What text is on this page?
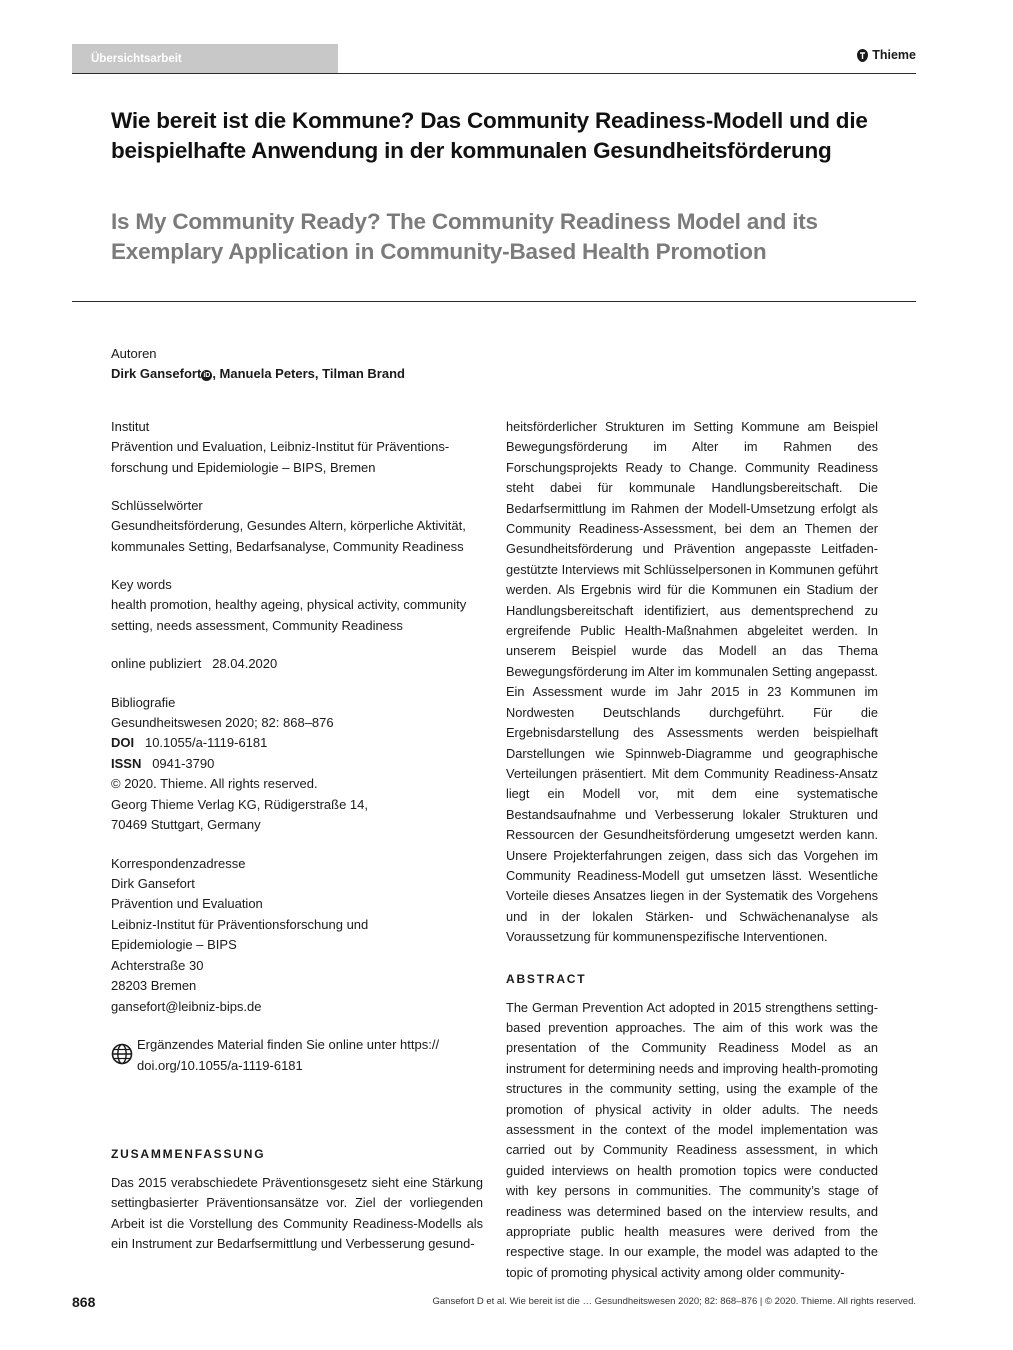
Übersichtsarbeit	Thieme
Wie bereit ist die Kommune? Das Community Readiness-Modell und die beispielhafte Anwendung in der kommunalen Gesundheitsförderung
Is My Community Ready? The Community Readiness Model and its Exemplary Application in Community-Based Health Promotion
Autoren
Dirk Gansefort iD , Manuela Peters, Tilman Brand
Institut
Prävention und Evaluation, Leibniz-Institut für Präventionsforschung und Epidemiologie – BIPS, Bremen
Schlüsselwörter
Gesundheitsförderung, Gesundes Altern, körperliche Aktivität, kommunales Setting, Bedarfsanalyse, Community Readiness
Key words
health promotion, healthy ageing, physical activity, community setting, needs assessment, Community Readiness
online publiziert 28.04.2020
Bibliografie
Gesundheitswesen 2020; 82: 868–876
DOI 10.1055/a-1119-6181
ISSN 0941-3790
© 2020. Thieme. All rights reserved.
Georg Thieme Verlag KG, Rüdigerstraße 14,
70469 Stuttgart, Germany
Korrespondenzadresse
Dirk Gansefort
Prävention und Evaluation
Leibniz-Institut für Präventionsforschung und
Epidemiologie – BIPS
Achterstraße 30
28203 Bremen
gansefort@leibniz-bips.de
Ergänzendes Material finden Sie online unter https://
doi.org/10.1055/a-1119-6181
ZUSAMMENFASSUNG

Das 2015 verabschiedete Präventionsgesetz sieht eine Stärkung settingbasierter Präventionsansätze vor. Ziel der vorliegenden Arbeit ist die Vorstellung des Community Readiness-Modells als ein Instrument zur Bedarfsermittlung und Verbesserung gesund-

heitsförderlicher Strukturen im Setting Kommune am Beispiel Bewegungsförderung im Alter im Rahmen des Forschungsprojekts Ready to Change. Community Readiness steht dabei für kommunale Handlungsbereitschaft. Die Bedarfsermittlung im Rahmen der Modell-Umsetzung erfolgt als Community Readiness-Assessment, bei dem an Themen der Gesundheitsförderung und Prävention angepasste Leitfaden-gestützte Interviews mit Schlüsselpersonen in Kommunen geführt werden. Als Ergebnis wird für die Kommunen ein Stadium der Handlungsbereitschaft identifiziert, aus dementsprechend zu ergreifende Public Health-Maßnahmen abgeleitet werden. In unserem Beispiel wurde das Modell an das Thema Bewegungsförderung im Alter im kommunalen Setting angepasst. Ein Assessment wurde im Jahr 2015 in 23 Kommunen im Nordwesten Deutschlands durchgeführt. Für die Ergebnisdarstellung des Assessments werden beispielhaft Darstellungen wie Spinnweb-Diagramme und geographische Verteilungen präsentiert. Mit dem Community Readiness-Ansatz liegt ein Modell vor, mit dem eine systematische Bestandsaufnahme und Verbesserung lokaler Strukturen und Ressourcen der Gesundheitsförderung umgesetzt werden kann. Unsere Projekterfahrungen zeigen, dass sich das Vorgehen im Community Readiness-Modell gut umsetzen lässt. Wesentliche Vorteile dieses Ansatzes liegen in der Systematik des Vorgehens und in der lokalen Stärken- und Schwächenanalyse als Voraussetzung für kommunenspezifische Interventionen.

ABSTRACT

The German Prevention Act adopted in 2015 strengthens setting-based prevention approaches. The aim of this work was the presentation of the Community Readiness Model as an instrument for determining needs and improving health-promoting structures in the community setting, using the example of the promotion of physical activity in older adults. The needs assessment in the context of the model implementation was carried out by Community Readiness assessment, in which guided interviews on health promotion topics were conducted with key persons in communities. The community’s stage of readiness was determined based on the interview results, and appropriate public health measures were derived from the respective stage. In our example, the model was adapted to the topic of promoting physical activity among older community-

868	Gansefort D et al. Wie bereit ist die … Gesundheitswesen 2020; 82: 868–876 | © 2020. Thieme. All rights reserved.
